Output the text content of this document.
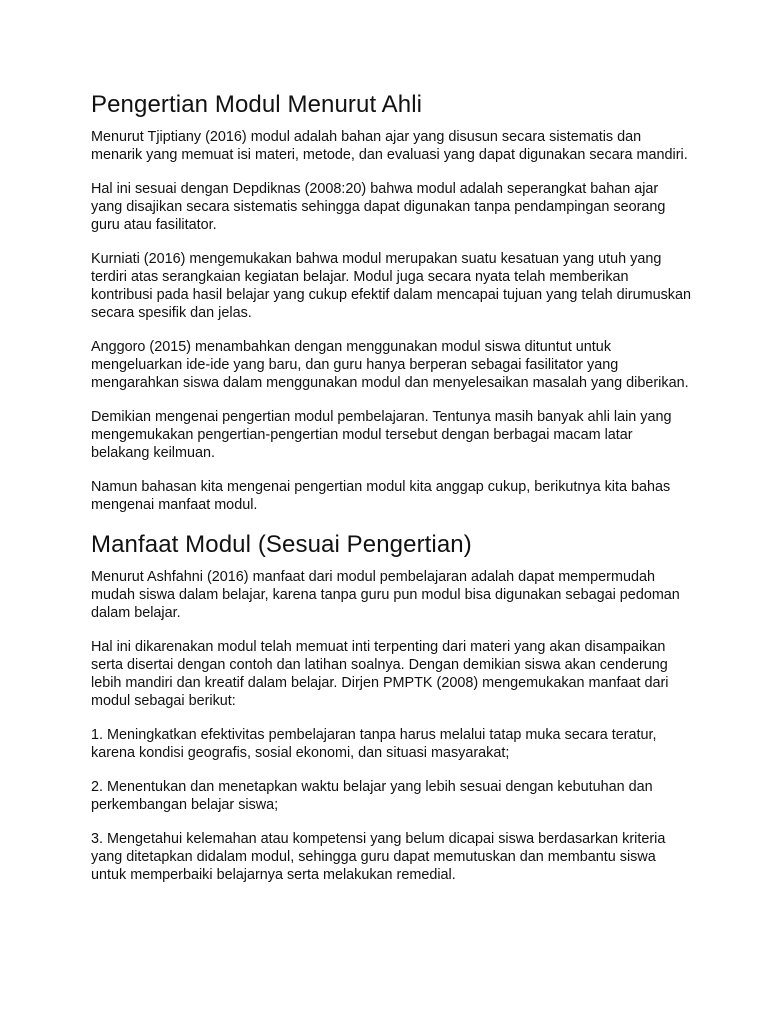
Pengertian Modul Menurut Ahli

Menurut Tjiptiany (2016) modul adalah bahan ajar yang disusun secara sistematis dan menarik yang memuat isi materi, metode, dan evaluasi yang dapat digunakan secara mandiri.

Hal ini sesuai dengan Depdiknas (2008:20) bahwa modul adalah seperangkat bahan ajar yang disajikan secara sistematis sehingga dapat digunakan tanpa pendampingan seorang guru atau fasilitator.

Kurniati (2016) mengemukakan bahwa modul merupakan suatu kesatuan yang utuh yang terdiri atas serangkaian kegiatan belajar. Modul juga secara nyata telah memberikan kontribusi pada hasil belajar yang cukup efektif dalam mencapai tujuan yang telah dirumuskan secara spesifik dan jelas.

Anggoro (2015) menambahkan dengan menggunakan modul siswa dituntut untuk mengeluarkan ide-ide yang baru, dan guru hanya berperan sebagai fasilitator yang mengarahkan siswa dalam menggunakan modul dan menyelesaikan masalah yang diberikan.

Demikian mengenai pengertian modul pembelajaran. Tentunya masih banyak ahli lain yang mengemukakan pengertian-pengertian modul tersebut dengan berbagai macam latar belakang keilmuan.

Namun bahasan kita mengenai pengertian modul kita anggap cukup, berikutnya kita bahas mengenai manfaat modul.

Manfaat Modul (Sesuai Pengertian)

Menurut Ashfahni (2016) manfaat dari modul pembelajaran adalah dapat mempermudah mudah siswa dalam belajar, karena tanpa guru pun modul bisa digunakan sebagai pedoman dalam belajar.

Hal ini dikarenakan modul telah memuat inti terpenting dari materi yang akan disampaikan serta disertai dengan contoh dan latihan soalnya. Dengan demikian siswa akan cenderung lebih mandiri dan kreatif dalam belajar. Dirjen PMPTK (2008) mengemukakan manfaat dari modul sebagai berikut:

1. Meningkatkan efektivitas pembelajaran tanpa harus melalui tatap muka secara teratur, karena kondisi geografis, sosial ekonomi, dan situasi masyarakat;

2. Menentukan dan menetapkan waktu belajar yang lebih sesuai dengan kebutuhan dan perkembangan belajar siswa;

3. Mengetahui kelemahan atau kompetensi yang belum dicapai siswa berdasarkan kriteria yang ditetapkan didalam modul, sehingga guru dapat memutuskan dan membantu siswa untuk memperbaiki belajarnya serta melakukan remedial.
